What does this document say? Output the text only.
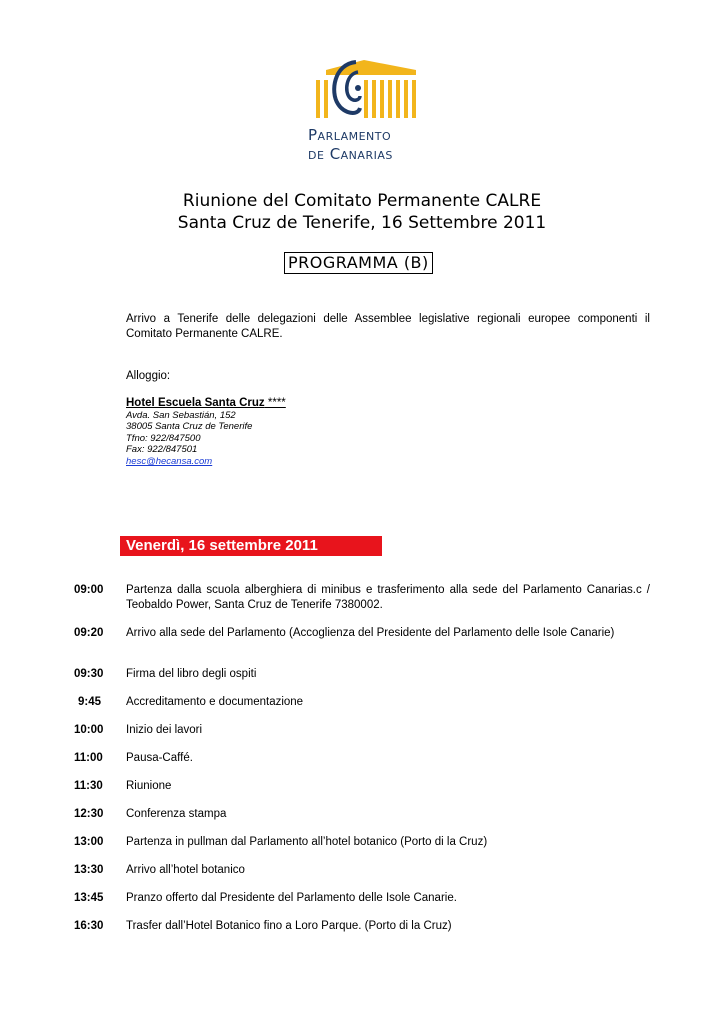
Parlamento
de Canarias
Riunione del Comitato Permanente CALRE
Santa Cruz de Tenerife, 16 Settembre 2011
PROGRAMMA (B)
Arrivo a Tenerife delle delegazioni delle Assemblee legislative regionali europee componenti il Comitato Permanente CALRE.
Alloggio:
Hotel Escuela Santa Cruz ****
Avda. San Sebastián, 152
38005 Santa Cruz de Tenerife
Tfno: 922/847500
Fax: 922/847501
hesc@hecansa.com
Venerdì, 16 settembre 2011
09:00	Partenza dalla scuola alberghiera di minibus e trasferimento alla sede del Parlamento Canarias.c / Teobaldo Power, Santa Cruz de Tenerife 7380002.
09:20	Arrivo alla sede del Parlamento (Accoglienza del Presidente del Parlamento delle Isole Canarie)
09:30	Firma del libro degli ospiti
9:45	Accreditamento e documentazione
10:00	Inizio dei lavori
11:00	Pausa-Caffé.
11:30	Riunione
12:30	Conferenza stampa
13:00	Partenza in pullman dal Parlamento all’hotel botanico (Porto di la Cruz)
13:30	Arrivo all’hotel botanico
13:45	Pranzo offerto dal Presidente del Parlamento delle Isole Canarie.
16:30	Trasfer dall’Hotel Botanico fino a Loro Parque. (Porto di la Cruz)
